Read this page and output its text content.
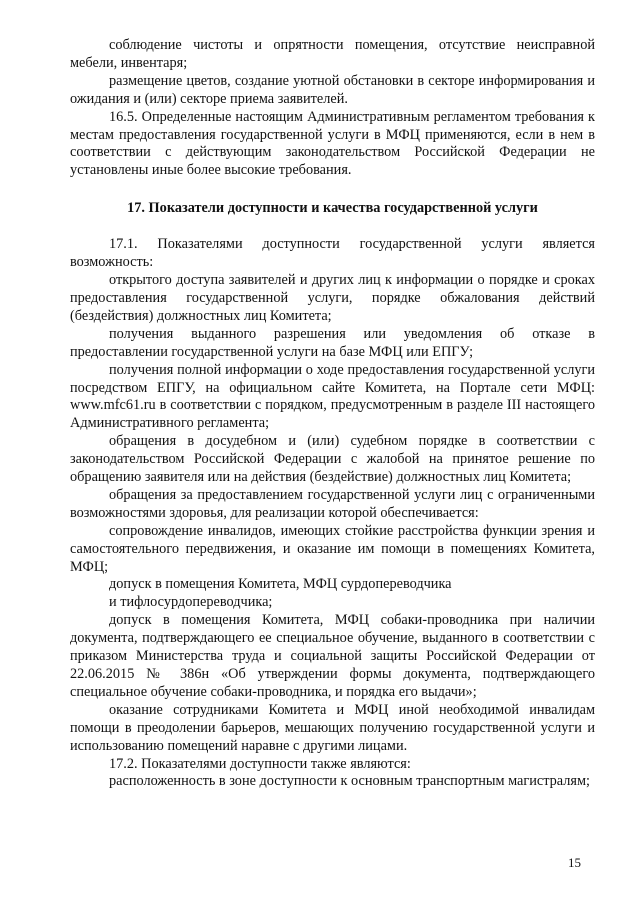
соблюдение чистоты и опрятности помещения, отсутствие неисправной мебели, инвентаря;

размещение цветов, создание уютной обстановки в секторе информирования и ожидания и (или) секторе приема заявителей.

16.5. Определенные настоящим Административным регламентом требования к местам предоставления государственной услуги в МФЦ применяются, если в нем в соответствии с действующим законодательством Российской Федерации не установлены иные более высокие требования.

17. Показатели доступности и качества государственной услуги

17.1. Показателями доступности государственной услуги является возможность:

открытого доступа заявителей и других лиц к информации о порядке и сроках предоставления государственной услуги, порядке обжалования действий (бездействия) должностных лиц Комитета;

получения выданного разрешения или уведомления об отказе в предоставлении государственной услуги на базе МФЦ или ЕПГУ;

получения полной информации о ходе предоставления государственной услуги посредством ЕПГУ, на официальном сайте Комитета, на Портале сети МФЦ: www.mfc61.ru в соответствии с порядком, предусмотренным в разделе III настоящего Административного регламента;

обращения в досудебном и (или) судебном порядке в соответствии с законодательством Российской Федерации с жалобой на принятое решение по обращению заявителя или на действия (бездействие) должностных лиц Комитета;

обращения за предоставлением государственной услуги лиц с ограниченными возможностями здоровья, для реализации которой обеспечивается:

сопровождение инвалидов, имеющих стойкие расстройства функции зрения и самостоятельного передвижения, и оказание им помощи в помещениях Комитета, МФЦ;

допуск в помещения Комитета, МФЦ сурдопереводчика

и тифлосурдопереводчика;

допуск в помещения Комитета, МФЦ собаки-проводника при наличии документа, подтверждающего ее специальное обучение, выданного в соответствии с приказом Министерства труда и социальной защиты Российской Федерации от 22.06.2015 № 386н «Об утверждении формы документа, подтверждающего специальное обучение собаки-проводника, и порядка его выдачи»;

оказание сотрудниками Комитета и МФЦ иной необходимой инвалидам помощи в преодолении барьеров, мешающих получению государственной услуги и использованию помещений наравне с другими лицами.

17.2. Показателями доступности также являются:

расположенность в зоне доступности к основным транспортным магистралям;

15
